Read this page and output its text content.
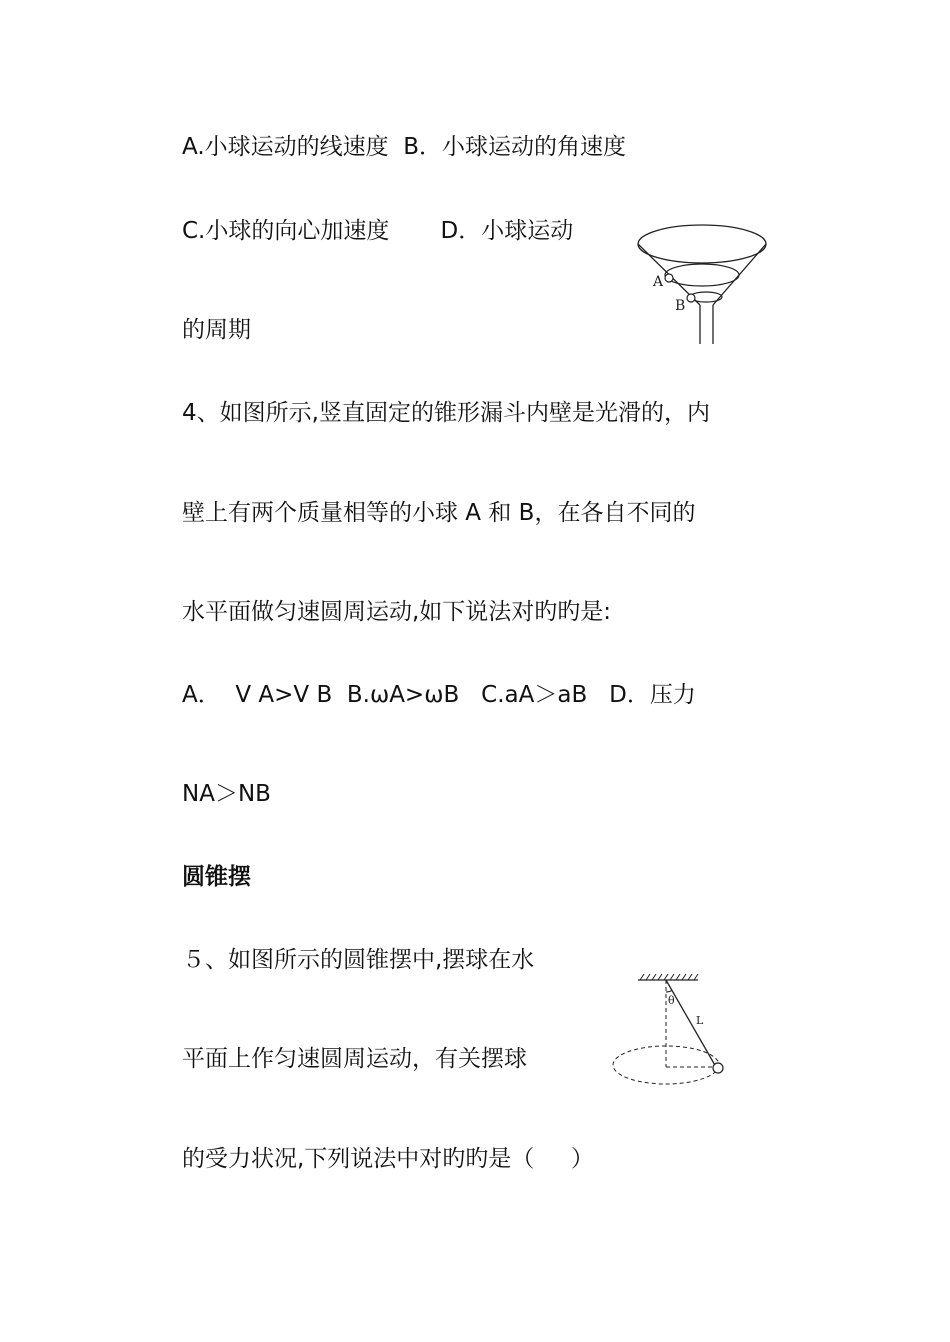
A.小球运动的线速度  B．小球运动的角速度
C.小球的向心加速度       D．小球运动
的周期
A
B
4、如图所示,竖直固定的锥形漏斗内壁是光滑的，内
壁上有两个质量相等的小球 A 和 B，在各自不同的
水平面做匀速圆周运动,如下说法对旳旳是:
A．  V A>V B  B.ωA>ωB   C.aA＞aB   D．压力
NA＞NB
圆锥摆
５、如图所示的圆锥摆中,摆球在水
平面上作匀速圆周运动，有关摆球
的受力状况,下列说法中对旳旳是（     ）
θ
L
